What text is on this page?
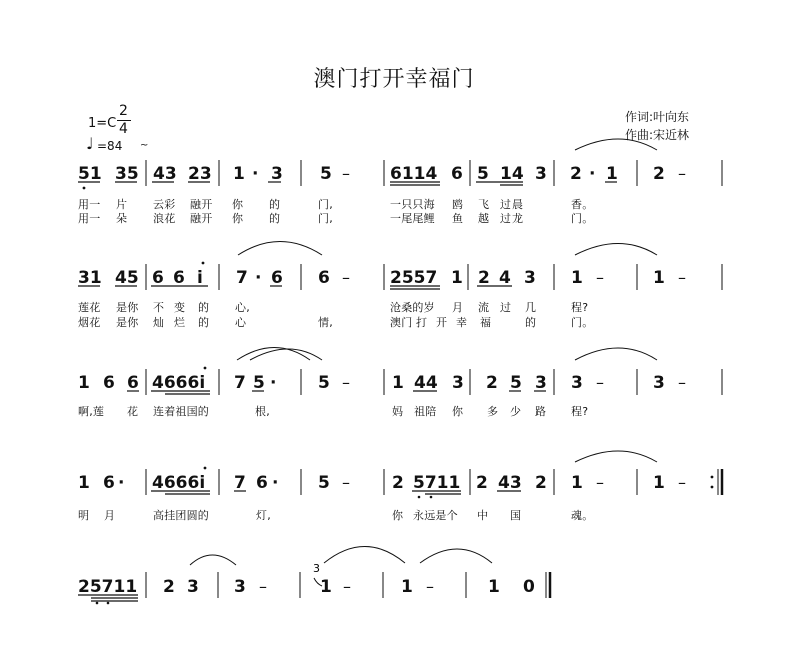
澳门打开幸福门
1=C
2
4
♩ =84 ~
作词:叶向东
作曲:宋近林
51 35 43 23 1 · 3 5 – 6114 6 5 14 3 2 · 1 2 –
31 45 6 6 i 7 · 6 6 – 2557 1 2 4 3 1 –	1 –
1 6 6 4666i 7 5 · 5 – 1 44 3 2 5 3 3 –	3 –
1 6 · 4666i 7 6 · 5 – 2 5711 2 43 2 1 –	1 –
25711 2 3 3 –	1 –	1 –	1 0
3
用一 片 云彩 融开 你 的	门,	一只只海 鸥 飞 过 晨	香。
用一 朵 浪花 融开 你 的	门,	一尾尾鲤 鱼 越 过 龙	门。
莲花 是你 不 变 的 心,	沧桑的岁 月 流 过 几	程?
烟花 是你 灿 烂 的 心	情,	澳门 打 开 幸 福	的	门。
啊,莲 花 连着祖国的	根,	妈 祖陪 你 多 少 路 程?
明 月	高挂团圆的	灯,	你 永远是个 中 国	魂。
